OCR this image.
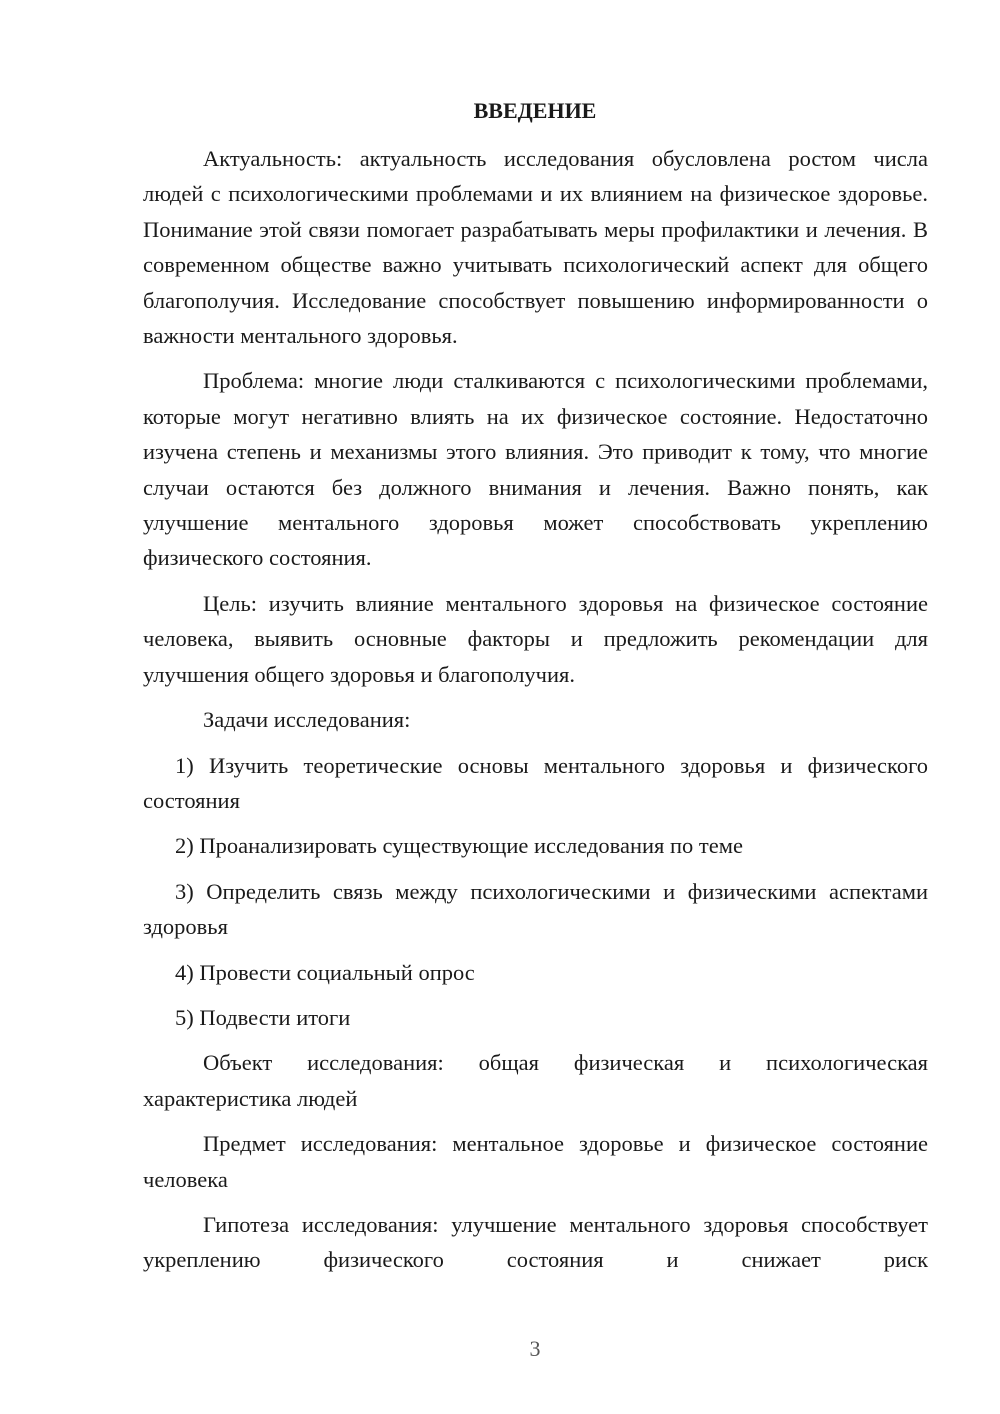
ВВЕДЕНИЕ

Актуальность: актуальность исследования обусловлена ростом числа людей с психологическими проблемами и их влиянием на физическое здоровье. Понимание этой связи помогает разрабатывать меры профилактики и лечения. В современном обществе важно учитывать психологический аспект для общего благополучия. Исследование способствует повышению информированности о важности ментального здоровья.

Проблема: многие люди сталкиваются с психологическими проблемами, которые могут негативно влиять на их физическое состояние. Недостаточно изучена степень и механизмы этого влияния. Это приводит к тому, что многие случаи остаются без должного внимания и лечения. Важно понять, как улучшение ментального здоровья может способствовать укреплению физического состояния.

Цель: изучить влияние ментального здоровья на физическое состояние человека, выявить основные факторы и предложить рекомендации для улучшения общего здоровья и благополучия.

Задачи исследования:

1) Изучить теоретические основы ментального здоровья и физического состояния

2) Проанализировать существующие исследования по теме

3) Определить связь между психологическими и физическими аспектами здоровья

4) Провести социальный опрос

5) Подвести итоги

Объект исследования: общая физическая и психологическая характеристика людей

Предмет исследования: ментальное здоровье и физическое состояние человека

Гипотеза исследования: улучшение ментального здоровья способствует укреплению физического состояния и снижает риск

3
